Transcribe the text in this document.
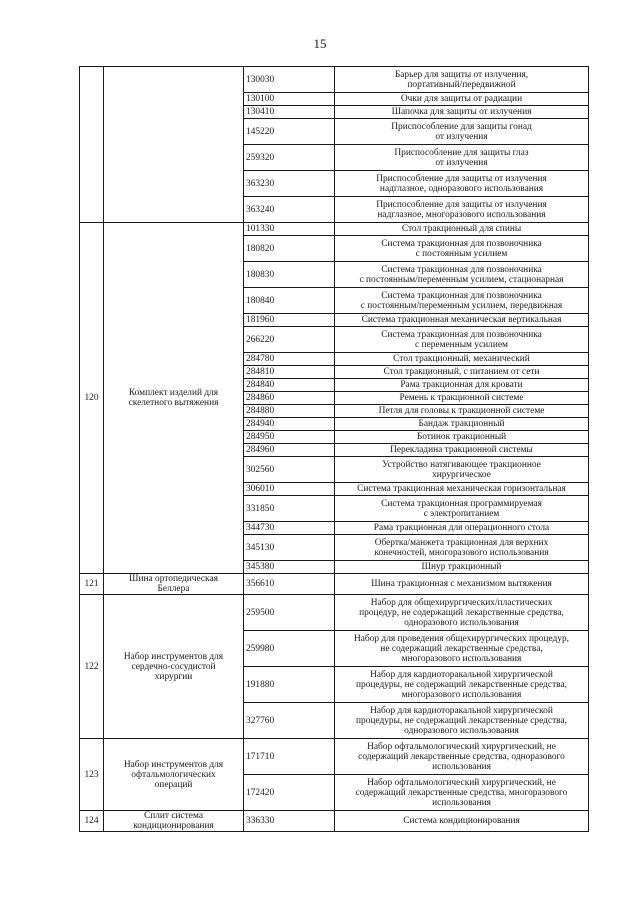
15
		130030	Барьер для защиты от излучения,
портативный/передвижной
		130100	Очки для защиты от радиации
		130410	Шапочка для защиты от излучения
		145220	Приспособление для защиты гонад
от излучения
		259320	Приспособление для защиты глаз
от излучения
		363230	Приспособление для защиты от излучения
надглазное, одноразового использования
		363240	Приспособление для защиты от излучения
надглазное, многоразового использования
120	Комплект изделий для
скелетного вытяжения	101330	Стол тракционный для спины
		180820	Система тракционная для позвоночника
с постоянным усилием
		180830	Система тракционная для позвоночника
с постоянным/переменным усилием, стационарная
		180840	Система тракционная для позвоночника
с постоянным/переменным усилием, передвижная
		181960	Система тракционная механическая вертикальная
		266220	Система тракционная для позвоночника
с переменным усилием
		284780	Стол тракционный, механический
		284810	Стол тракционный, с питанием от сети
		284840	Рама тракционная для кровати
		284860	Ремень к тракционной системе
		284880	Петля для головы к тракционной системе
		284940	Бандаж тракционный
		284950	Ботинок тракционный
		284960	Перекладина тракционной системы
		302560	Устройство натягивающее тракционное
хирургическое
		306010	Система тракционная механическая горизонтальная
		331850	Система тракционная программируемая
с электропитанием
		344730	Рама тракционная для операционного стола
		345130	Обертка/манжета тракционная для верхних
конечностей, многоразового использования
		345380	Шнур тракционный
121	Шина ортопедическая
Беллера	356610	Шина тракционная с механизмом вытяжения
122	Набор инструментов для
сердечно-сосудистой
хирургии	259500	Набор для общехирургических/пластических
процедур, не содержащий лекарственные средства,
одноразового использования
		259980	Набор для проведения общехирургических процедур,
не содержащий лекарственные средства,
многоразового использования
		191880	Набор для кардиоторакальной хирургической
процедуры, не содержащий лекарственные средства,
многоразового использования
		327760	Набор для кардиоторакальной хирургической
процедуры, не содержащий лекарственные средства,
одноразового использования
123	Набор инструментов для
офтальмологических
операций	171710	Набор офтальмологический хирургический, не
содержащий лекарственные средства, одноразового
использования
		172420	Набор офтальмологический хирургический, не
содержащий лекарственные средства, многоразового
использования
124	Сплит система
кондиционирования	336330	Система кондиционирования
